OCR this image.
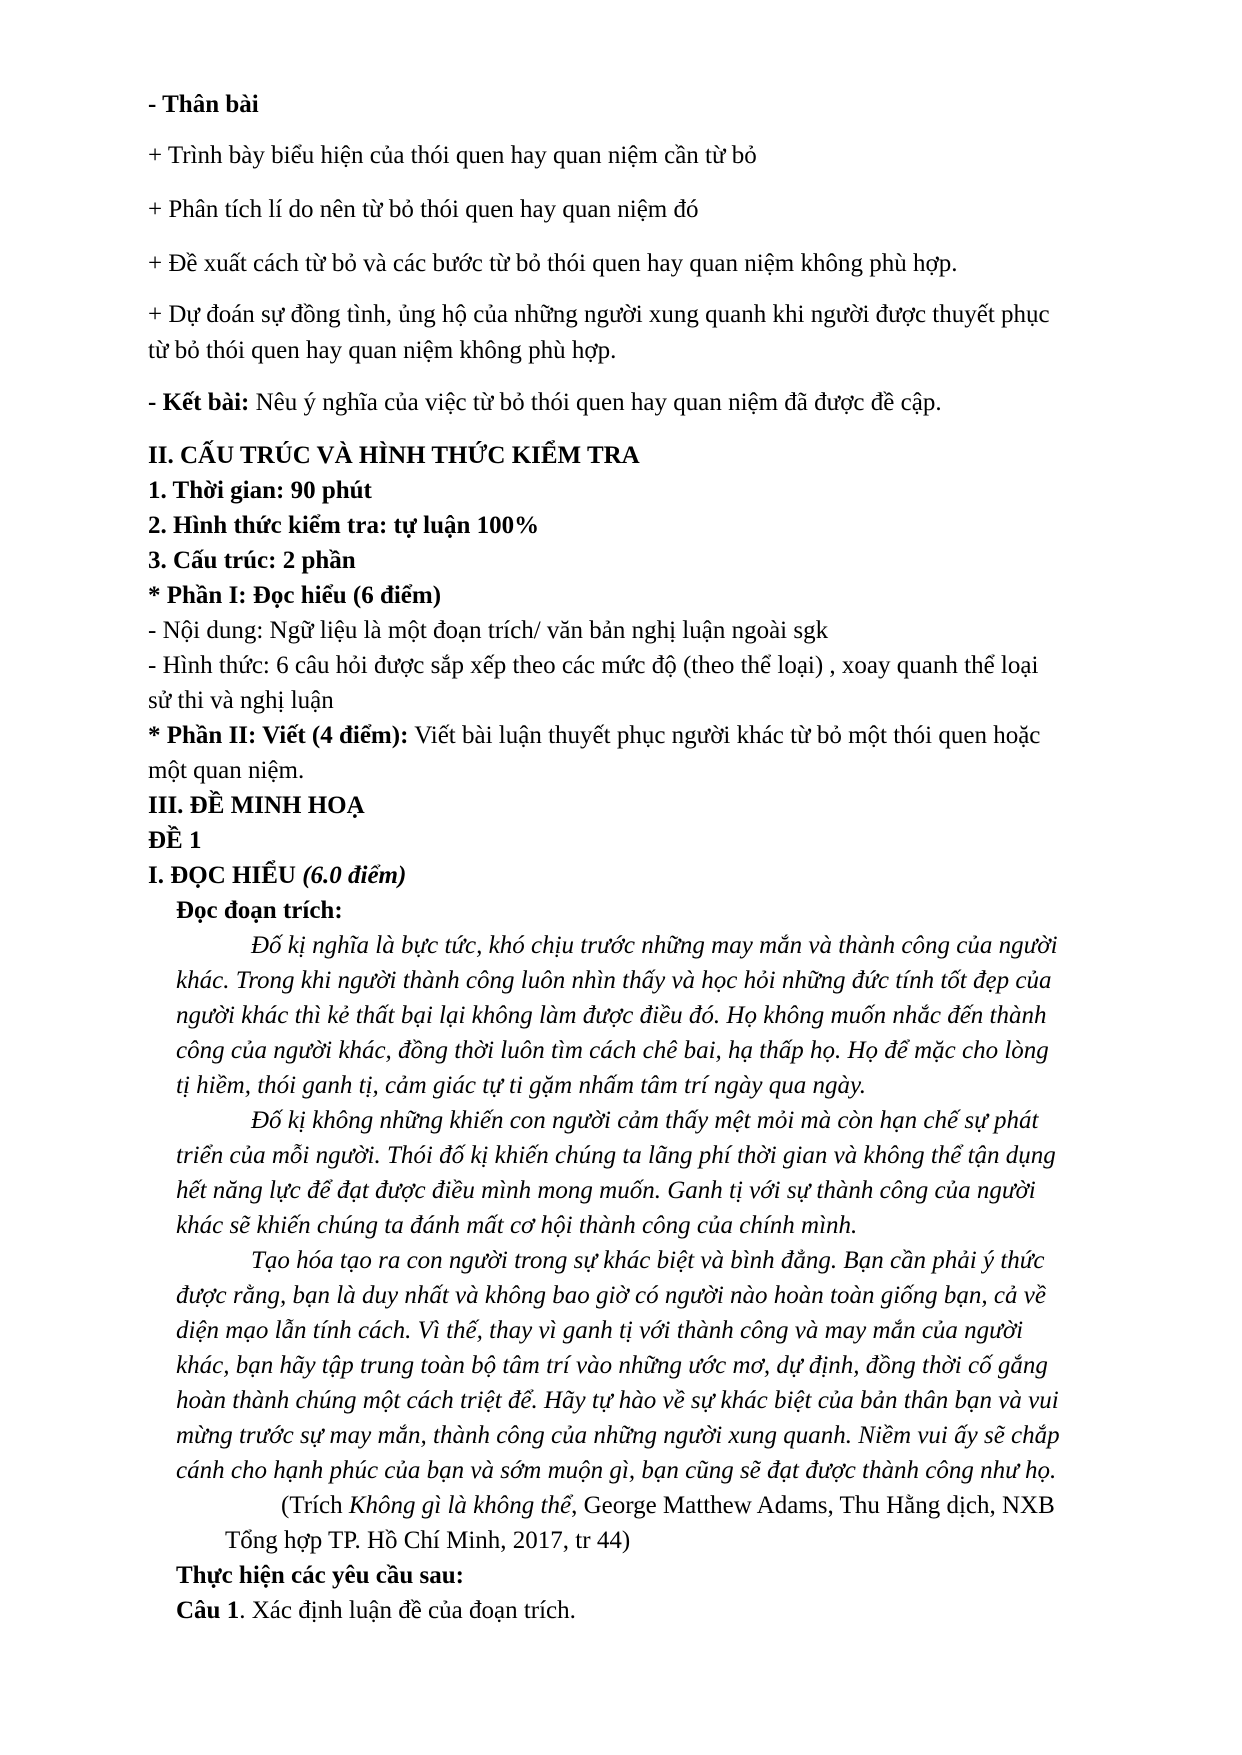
- Thân bài
+ Trình bày biểu hiện của thói quen hay quan niệm cần từ bỏ
+ Phân tích lí do nên từ bỏ thói quen hay quan niệm đó
+ Đề xuất cách từ bỏ và các bước từ bỏ thói quen hay quan niệm không phù hợp.
+ Dự đoán sự đồng tình, ủng hộ của những người xung quanh khi người được thuyết phục
từ bỏ thói quen hay quan niệm không phù hợp.
- Kết bài: Nêu ý nghĩa của việc từ bỏ thói quen hay quan niệm đã được đề cập.
II. CẤU TRÚC VÀ HÌNH THỨC KIỂM TRA
1. Thời gian: 90 phút
2. Hình thức kiểm tra: tự luận 100%
3. Cấu trúc: 2 phần
* Phần I: Đọc hiểu (6 điểm)
- Nội dung: Ngữ liệu là một đoạn trích/ văn bản nghị luận ngoài sgk
- Hình thức: 6 câu hỏi được sắp xếp theo các mức độ (theo thể loại) , xoay quanh thể loại
sử thi và nghị luận
* Phần II: Viết (4 điểm): Viết bài luận thuyết phục người khác từ bỏ một thói quen hoặc
một quan niệm.
III. ĐỀ MINH HOẠ
ĐỀ 1
I. ĐỌC HIỂU (6.0 điểm)
Đọc đoạn trích:
Đố kị nghĩa là bực tức, khó chịu trước những may mắn và thành công của người
khác. Trong khi người thành công luôn nhìn thấy và học hỏi những đức tính tốt đẹp của
người khác thì kẻ thất bại lại không làm được điều đó. Họ không muốn nhắc đến thành
công của người khác, đồng thời luôn tìm cách chê bai, hạ thấp họ. Họ để mặc cho lòng
tị hiềm, thói ganh tị, cảm giác tự ti gặm nhấm tâm trí ngày qua ngày.
Đố kị không những khiến con người cảm thấy mệt mỏi mà còn hạn chế sự phát
triển của mỗi người. Thói đố kị khiến chúng ta lãng phí thời gian và không thể tận dụng
hết năng lực để đạt được điều mình mong muốn. Ganh tị với sự thành công của người
khác sẽ khiến chúng ta đánh mất cơ hội thành công của chính mình.
Tạo hóa tạo ra con người trong sự khác biệt và bình đẳng. Bạn cần phải ý thức
được rằng, bạn là duy nhất và không bao giờ có người nào hoàn toàn giống bạn, cả về
diện mạo lẫn tính cách. Vì thế, thay vì ganh tị với thành công và may mắn của người
khác, bạn hãy tập trung toàn bộ tâm trí vào những ước mơ, dự định, đồng thời cố gắng
hoàn thành chúng một cách triệt để. Hãy tự hào về sự khác biệt của bản thân bạn và vui
mừng trước sự may mắn, thành công của những người xung quanh. Niềm vui ấy sẽ chắp
cánh cho hạnh phúc của bạn và sớm muộn gì, bạn cũng sẽ đạt được thành công như họ.
(Trích Không gì là không thể, George Matthew Adams, Thu Hằng dịch, NXB
Tổng hợp TP. Hồ Chí Minh, 2017, tr 44)
Thực hiện các yêu cầu sau:
Câu 1. Xác định luận đề của đoạn trích.
